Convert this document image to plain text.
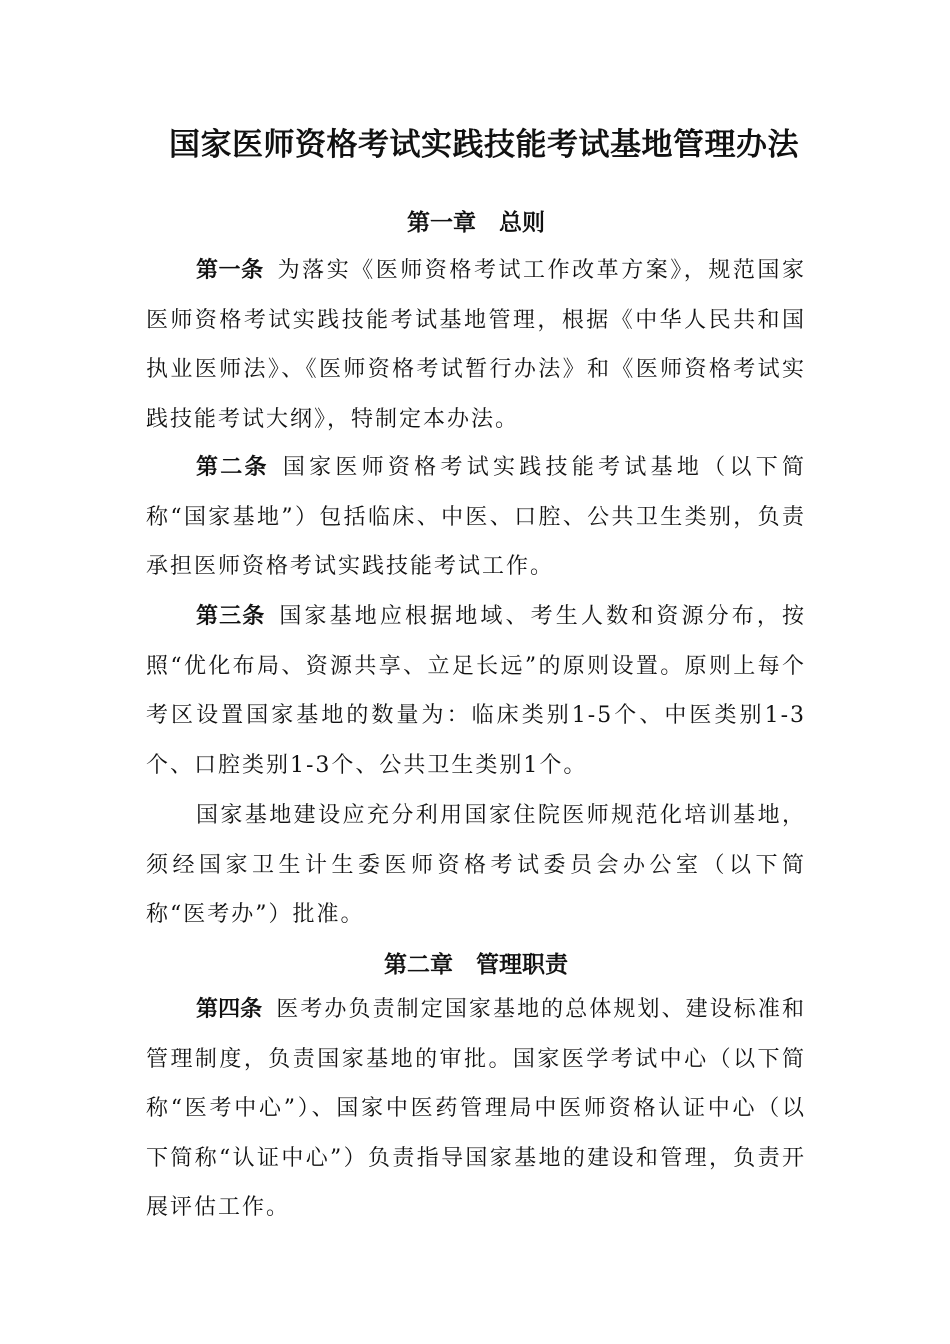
国家医师资格考试实践技能考试基地管理办法
第一章　总则

第一条 为落实《医师资格考试工作改革方案》，规范国家医师资格考试实践技能考试基地管理，根据《中华人民共和国执业医师法》、《医师资格考试暂行办法》和《医师资格考试实践技能考试大纲》，特制定本办法。

第二条 国家医师资格考试实践技能考试基地（以下简称“国家基地”）包括临床、中医、口腔、公共卫生类别，负责承担医师资格考试实践技能考试工作。

第三条 国家基地应根据地域、考生人数和资源分布，按照“优化布局、资源共享、立足长远”的原则设置。原则上每个考区设置国家基地的数量为：临床类别1-5个、中医类别1-3个、口腔类别1-3个、公共卫生类别1个。

国家基地建设应充分利用国家住院医师规范化培训基地，须经国家卫生计生委医师资格考试委员会办公室（以下简称“医考办”）批准。

第二章　管理职责

第四条 医考办负责制定国家基地的总体规划、建设标准和管理制度，负责国家基地的审批。国家医学考试中心（以下简称“医考中心”）、国家中医药管理局中医师资格认证中心（以下简称“认证中心”）负责指导国家基地的建设和管理，负责开展评估工作。
